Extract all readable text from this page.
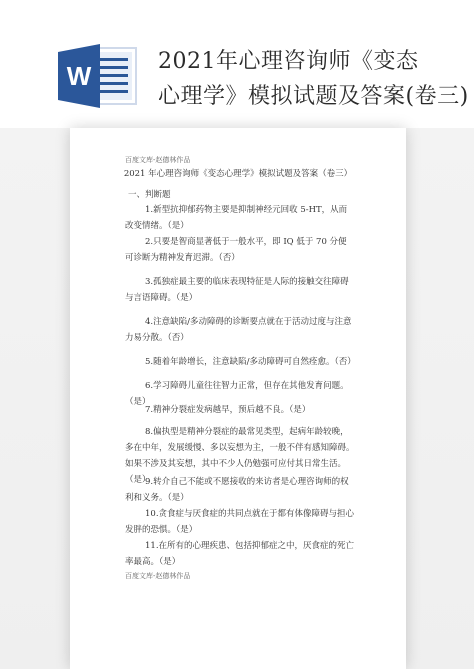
W	2021年心理咨询师《变态
心理学》模拟试题及答案(卷三)
百度文库-赵德林作品
2021 年心理咨询师《变态心理学》模拟试题及答案（卷三）
一、判断题
1.新型抗抑郁药物主要是抑制神经元回收 5-HT，从而改变情绪。（是）
2.只要是智商显著低于一般水平，即 IQ 低于 70 分便可诊断为精神发育迟滞。（否）
3.孤独症最主要的临床表现特征是人际的接触交往障碍与言语障碍。（是）
4.注意缺陷/多动障碍的诊断要点就在于活动过度与注意力易分散。（否）
5.随着年龄增长，注意缺陷/多动障碍可自然痊愈。（否）
6.学习障碍儿童往往智力正常，但存在其他发育问题。（是）
7.精神分裂症发病越早，预后越不良。（是）
8.偏执型是精神分裂症的最常见类型，起病年龄较晚，多在中年，发展缓慢、多以妄想为主，一般不伴有感知障碍。如果不涉及其妄想，其中不少人仍勉强可应付其日常生活。（是）
9.转介自己不能或不愿接收的来访者是心理咨询师的权利和义务。（是）
10.贪食症与厌食症的共同点就在于都有体像障碍与担心发胖的恐惧。（是）
11.在所有的心理疾患、包括抑郁症之中，厌食症的死亡率最高。（是）
百度文库-赵德林作品
